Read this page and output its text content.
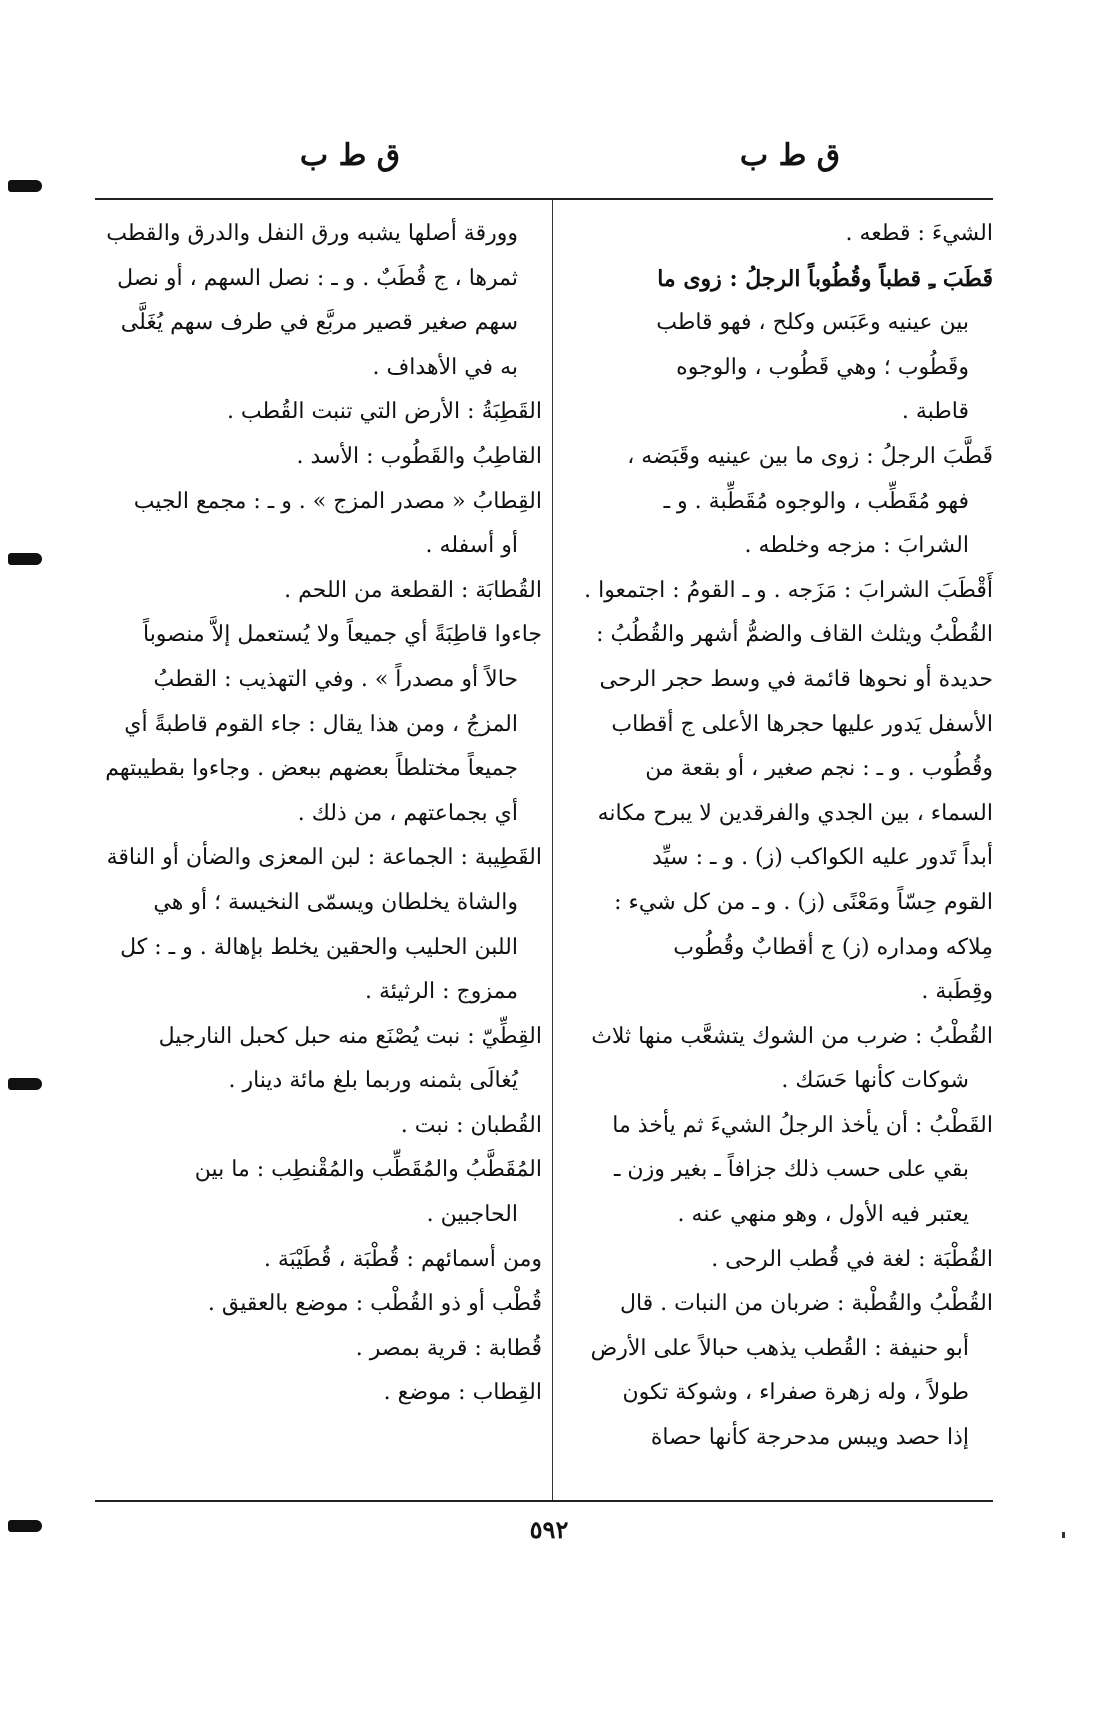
ق ط ب
ق ط ب
الشيءَ : قطعه .
قَطَبَ ـِ قطباً وقُطُوباً الرجلُ : زوى ما
بين عينيه وعَبَس وكلح ، فهو قاطب
وقَطُوب ؛ وهي قَطُوب ، والوجوه
قاطبة .
قَطَّبَ الرجلُ : زوى ما بين عينيه وقَبَضه ،
فهو مُقَطِّب ، والوجوه مُقَطِّبة . و ـ
الشرابَ : مزجه وخلطه .
أَقْطَبَ الشرابَ : مَزَجه . و ـ القومُ : اجتمعوا .
القُطْبُ ويثلث القاف والضمُّ أشهر والقُطُبُ :
حديدة أو نحوها قائمة في وسط حجر الرحى
الأسفل يَدور عليها حجرها الأعلى ج أقطاب
وقُطُوب . و ـ : نجم صغير ، أو بقعة من
السماء ، بين الجدي والفرقدين لا يبرح مكانه
أبداً تَدور عليه الكواكب (ز) . و ـ : سيِّد
القوم حِسّاً ومَعْنًى (ز) . و ـ من كل شيء :
مِلاكه ومداره (ز) ج أقطابٌ وقُطُوب
وقِطَبة .
القُطْبُ : ضرب من الشوك يتشعَّب منها ثلاث
شوكات كأنها حَسَك .
القَطْبُ : أن يأخذ الرجلُ الشيءَ ثم يأخذ ما
بقي على حسب ذلك جزافاً ـ بغير وزن ـ
يعتبر فيه الأول ، وهو منهي عنه .
القُطْبَة : لغة في قُطب الرحى .
القُطْبُ والقُطْبة : ضربان من النبات . قال
أبو حنيفة : القُطب يذهب حبالاً على الأرض
طولاً ، وله زهرة صفراء ، وشوكة تكون
إذا حصد ويبس مدحرجة كأنها حصاة
وورقة أصلها يشبه ورق النفل والدرق والقطب
ثمرها ، ج قُطَبٌ . و ـ : نصل السهم ، أو نصل
سهم صغير قصير مربَّع في طرف سهم يُغَلَّى
به في الأهداف .
القَطِبَةُ : الأرض التي تنبت القُطب .
القاطِبُ والقَطُوب : الأسد .
القِطابُ « مصدر المزج » . و ـ : مجمع الجيب
أو أسفله .
القُطابَة : القطعة من اللحم .
جاءوا قاطِبَةً أي جميعاً ولا يُستعمل إلاَّ منصوباً
حالاً أو مصدراً » . وفي التهذيب : القطبُ
المزجُ ، ومن هذا يقال : جاء القوم قاطبةً أي
جميعاً مختلطاً بعضهم ببعض . وجاءوا بقطيبتهم
أي بجماعتهم ، من ذلك .
القَطِيبة : الجماعة : لبن المعزى والضأن أو الناقة
والشاة يخلطان ويسمّى النخيسة ؛ أو هي
اللبن الحليب والحقين يخلط بإهالة . و ـ : كل
ممزوج : الرثيئة .
القِطِّيّ : نبت يُصْنَع منه حبل كحبل النارجيل
يُغالَى بثمنه وربما بلغ مائة دينار .
القُطبان : نبت .
المُقَطَّبُ والمُقَطِّب والمُقْنطِب : ما بين
الحاجبين .
ومن أسمائهم : قُطْبَة ، قُطَيْبَة .
قُطْب أو ذو القُطْب : موضع بالعقيق .
قُطابة : قرية بمصر .
القِطاب : موضع .
٥٩٢
